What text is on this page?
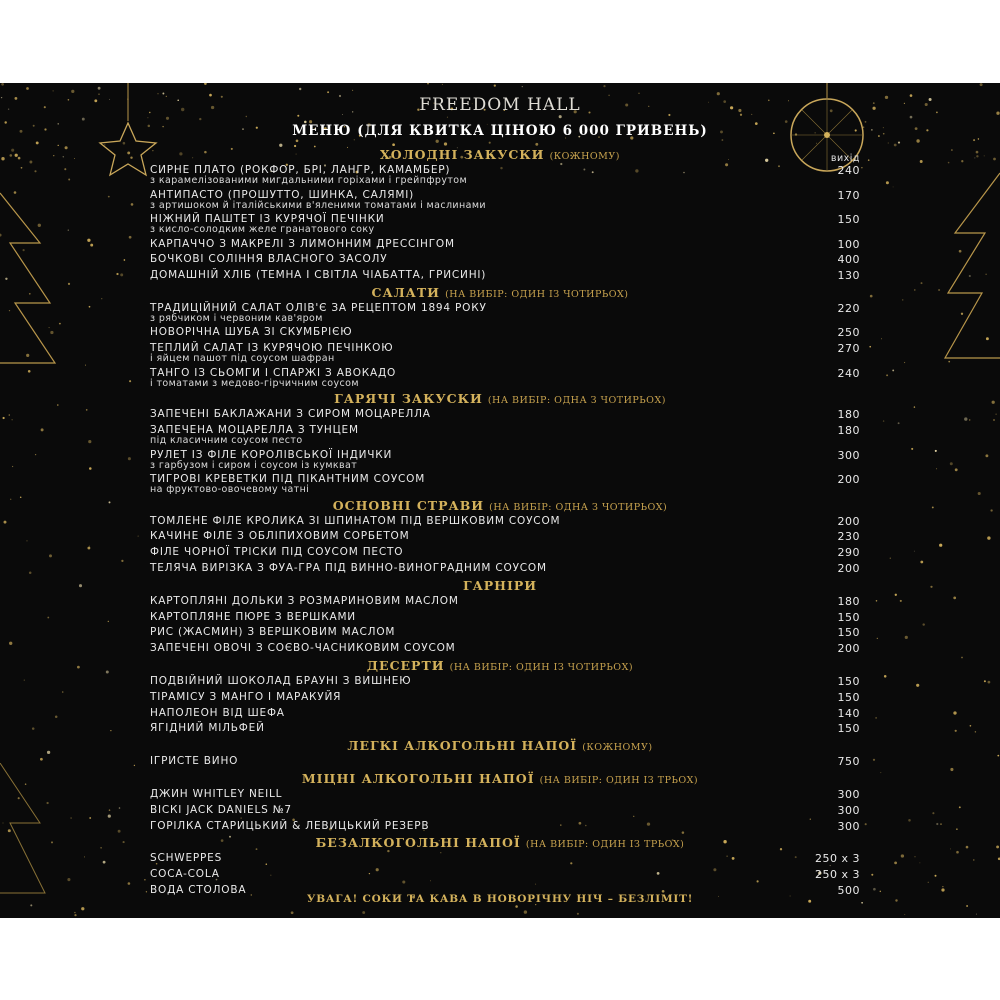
FREEDOM HALL
МЕНЮ (ДЛЯ КВИТКА ЦІНОЮ 6 000 ГРИВЕНЬ)
вихід
ХОЛОДНІ ЗАКУСКИ (КОЖНОМУ)
СИРНЕ ПЛАТО (РОКФОР, БРІ, ЛАНГР, КАМАМБЕР)
з карамелізованими мигдальними горіхами і грейпфрутом
240
АНТИПАСТО (ПРОШУТТО, ШИНКА, САЛЯМІ)
з артишоком й італійськими в'яленими томатами і маслинами
170
НІЖНИЙ ПАШТЕТ ІЗ КУРЯЧОЇ ПЕЧІНКИ
з кисло-солодким желе гранатового соку
150
КАРПАЧЧО З МАКРЕЛІ З ЛИМОННИМ ДРЕССІНГОМ	100
БОЧКОВІ СОЛІННЯ ВЛАСНОГО ЗАСОЛУ	400
ДОМАШНІЙ ХЛІБ (ТЕМНА І СВІТЛА ЧІАБАТТА, ГРИСИНІ)	130
САЛАТИ (НА ВИБІР: ОДИН ІЗ ЧОТИРЬОХ)
ТРАДИЦІЙНИЙ САЛАТ ОЛІВ'Є ЗА РЕЦЕПТОМ 1894 РОКУ
з рябчиком і червоним кав'яром
220
НОВОРІЧНА ШУБА ЗІ СКУМБРІЄЮ	250
ТЕПЛИЙ САЛАТ ІЗ КУРЯЧОЮ ПЕЧІНКОЮ
і яйцем пашот під соусом шафран
270
ТАНГО ІЗ СЬОМГИ І СПАРЖІ З АВОКАДО
і томатами з медово-гірчичним соусом
240
ГАРЯЧІ ЗАКУСКИ (НА ВИБІР: ОДНА З ЧОТИРЬОХ)
ЗАПЕЧЕНІ БАКЛАЖАНИ З СИРОМ МОЦАРЕЛЛА	180
ЗАПЕЧЕНА МОЦАРЕЛЛА З ТУНЦЕМ
під класичним соусом песто
180
РУЛЕТ ІЗ ФІЛЕ КОРОЛІВСЬКОЇ ІНДИЧКИ
з гарбузом і сиром і соусом із кумкват
300
ТИГРОВІ КРЕВЕТКИ ПІД ПІКАНТНИМ СОУСОМ
на фруктово-овочевому чатні
200
ОСНОВНІ СТРАВИ (НА ВИБІР: ОДНА З ЧОТИРЬОХ)
ТОМЛЕНЕ ФІЛЕ КРОЛИКА ЗІ ШПИНАТОМ ПІД ВЕРШКОВИМ СОУСОМ	200
КАЧИНЕ ФІЛЕ З ОБЛІПИХОВИМ СОРБЕТОМ	230
ФІЛЕ ЧОРНОЇ ТРІСКИ ПІД СОУСОМ ПЕСТО	290
ТЕЛЯЧА ВИРІЗКА З ФУА-ГРА ПІД ВИННО-ВИНОГРАДНИМ СОУСОМ	200
ГАРНІРИ
КАРТОПЛЯНІ ДОЛЬКИ З РОЗМАРИНОВИМ МАСЛОМ	180
КАРТОПЛЯНЕ ПЮРЕ З ВЕРШКАМИ	150
РИС (ЖАСМИН) З ВЕРШКОВИМ МАСЛОМ	150
ЗАПЕЧЕНІ ОВОЧІ З СОЄВО-ЧАСНИКОВИМ СОУСОМ	200
ДЕСЕРТИ (НА ВИБІР: ОДИН ІЗ ЧОТИРЬОХ)
ПОДВІЙНИЙ ШОКОЛАД БРАУНІ З ВИШНЕЮ	150
ТІРАМІСУ З МАНГО І МАРАКУЙЯ	150
НАПОЛЕОН ВІД ШЕФА	140
ЯГІДНИЙ МІЛЬФЕЙ	150
ЛЕГКІ АЛКОГОЛЬНІ НАПОЇ (КОЖНОМУ)
ІГРИСТЕ ВИНО	750
МІЦНІ АЛКОГОЛЬНІ НАПОЇ (НА ВИБІР: ОДИН ІЗ ТРЬОХ)
ДЖИН WHITLEY NEILL	300
ВІСКІ JACK DANIELS №7	300
ГОРІЛКА СТАРИЦЬКИЙ & ЛЕВИЦЬКИЙ РЕЗЕРВ	300
БЕЗАЛКОГОЛЬНІ НАПОЇ (НА ВИБІР: ОДИН ІЗ ТРЬОХ)
SCHWEPPES	250 х 3
COCA-COLA	250 х 3
ВОДА СТОЛОВА	500
УВАГА! СОКИ ТА КАВА В НОВОРІЧНУ НІЧ – БЕЗЛІМІТ!
